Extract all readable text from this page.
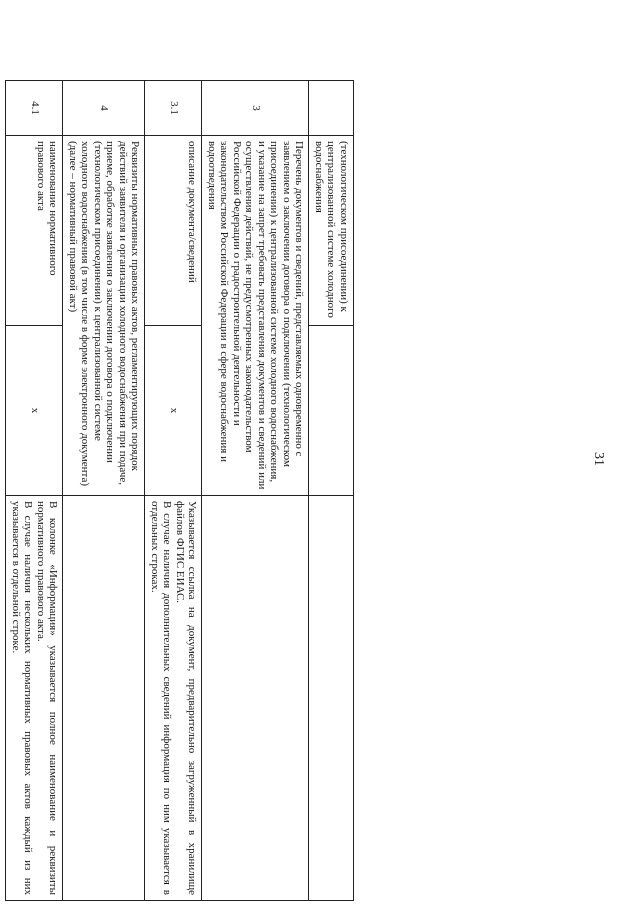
31
	(технологическом присоединении) к централизованной системе холодного водоснабжения		
3	Перечень документов и сведений, представляемых одновременно с заявлением о заключении договора о подключении (технологическом присоединении) к централизованной системе холодного водоснабжения, и указание на запрет требовать представления документов и сведений или осуществления действий, не предусмотренных законодательством Российской Федерации о градостроительной деятельности и законодательством Российской Федерации в сфере водоснабжения и водоотведения		
3.1	описание документа/сведений	x	Указывается ссылка на документ, предварительно загруженный в хранилище файлов ФГИС ЕИАС.
В случае наличия дополнительных сведений информация по ним указывается в отдельных строках.

4	Реквизиты нормативных правовых актов, регламентирующих порядок действий заявителя и организации холодного водоснабжения при подаче, приеме, обработке заявления о заключении договора о подключении (технологическом присоединении) к централизованной системе холодного водоснабжения (в том числе в форме электронного документа) (далее – нормативный правовой акт)		
4.1	наименование нормативного правового акта	x	В колонке «Информация» указывается полное наименование и реквизиты нормативного правового акта.
В случае наличия нескольких нормативных правовых актов каждый из них указывается в отдельной строке.
